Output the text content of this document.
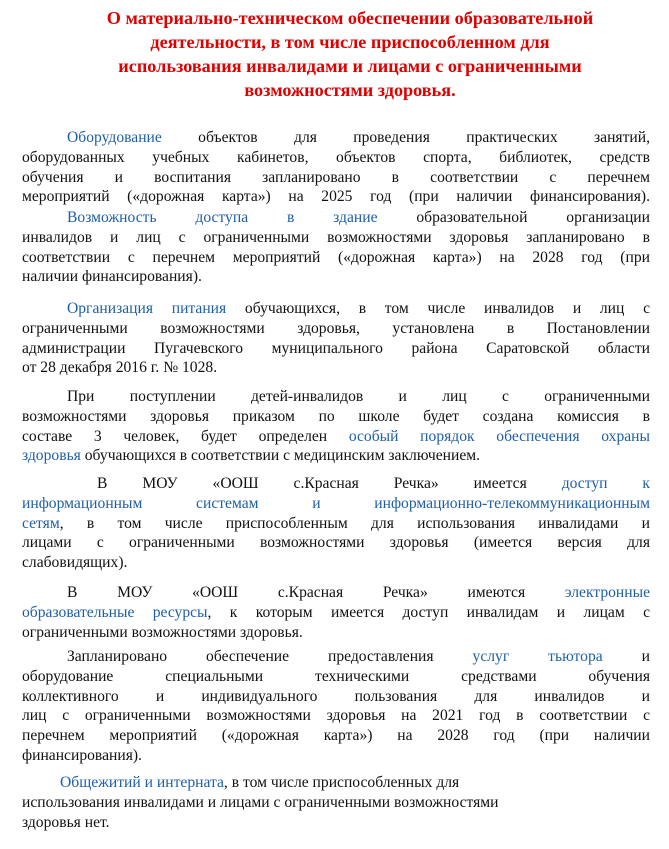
О материально-техническом обеспечении образовательной
деятельности, в том числе приспособленном для
использования инвалидами и лицами с ограниченными
возможностями здоровья.
Оборудование объектов для проведения практических занятий,
оборудованных учебных кабинетов, объектов спорта, библиотек, средств
обучения и воспитания запланировано в соответствии с перечнем
мероприятий («дорожная карта») на 2025 год (при наличии финансирования).
Возможность доступа в здание образовательной организации
инвалидов и лиц с ограниченными возможностями здоровья запланировано в
соответствии с перечнем мероприятий («дорожная карта») на 2028 год (при
наличии финансирования).
Организация питания обучающихся, в том числе инвалидов и лиц с
ограниченными возможностями здоровья, установлена в Постановлении
администрации Пугачевского муниципального района Саратовской области
от 28 декабря 2016 г. № 1028.
При поступлении детей-инвалидов и лиц с ограниченными
возможностями здоровья приказом по школе будет создана комиссия в
составе 3 человек, будет определен особый порядок обеспечения охраны
здоровья обучающихся в соответствии с медицинским заключением.
В МОУ «ООШ с.Красная Речка» имеется доступ к
информационным системам и информационно-телекоммуникационным
сетям, в том числе приспособленным для использования инвалидами и
лицами с ограниченными возможностями здоровья (имеется версия для
слабовидящих).
В МОУ «ООШ с.Красная Речка» имеются электронные
образовательные ресурсы, к которым имеется доступ инвалидам и лицам с
ограниченными возможностями здоровья.
Запланировано обеспечение предоставления услуг тьютора и
оборудование специальными техническими средствами обучения
коллективного и индивидуального пользования для инвалидов и
лиц с ограниченными возможностями здоровья на 2021 год в соответствии с
перечнем мероприятий («дорожная карта») на 2028 год (при наличии
финансирования).
Общежитий и интерната, в том числе приспособленных для
использования инвалидами и лицами с ограниченными возможностями
здоровья нет.
